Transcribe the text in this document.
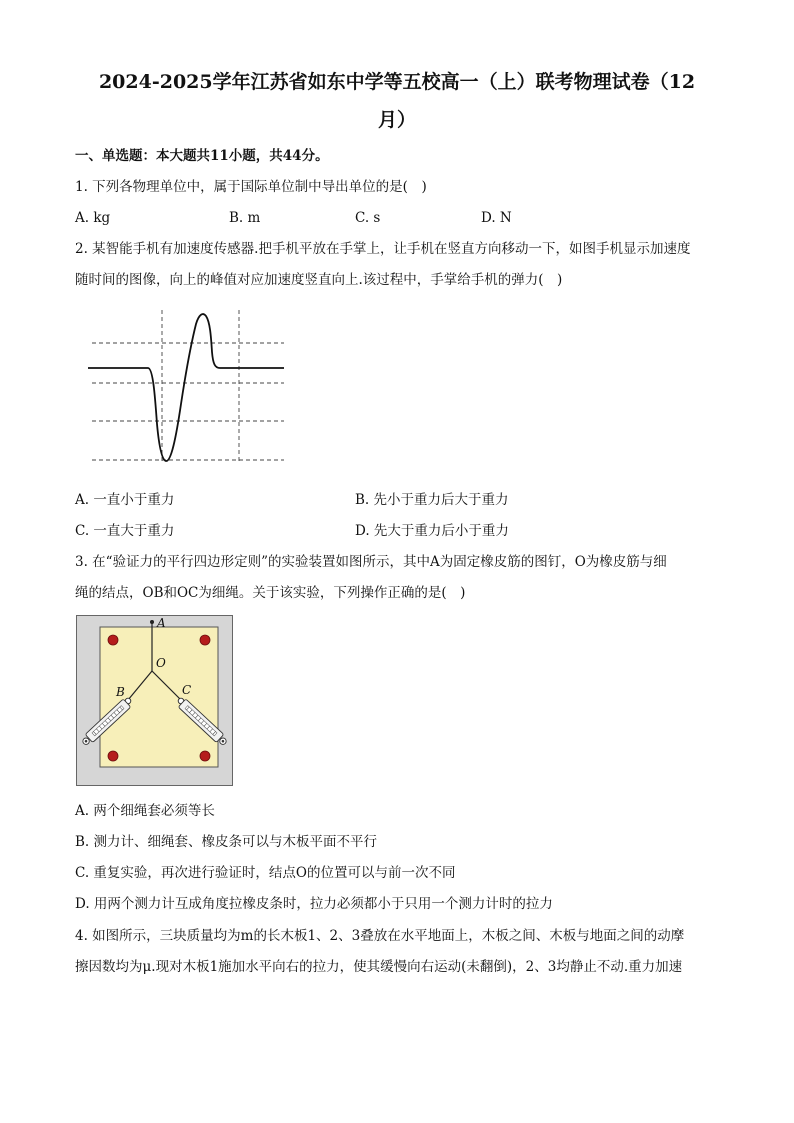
2024-2025学年江苏省如东中学等五校高一（上）联考物理试卷（12
月）
一、单选题：本大题共11小题，共44分。
1. 下列各物理单位中，属于国际单位制中导出单位的是(　)
A. kg	B. m	C. s	D. N
2. 某智能手机有加速度传感器.把手机平放在手掌上，让手机在竖直方向移动一下，如图手机显示加速度
随时间的图像，向上的峰值对应加速度竖直向上.该过程中，手掌给手机的弹力(　)
A. 一直小于重力	B. 先小于重力后大于重力
C. 一直大于重力	D. 先大于重力后小于重力
3. 在“验证力的平行四边形定则”的实验装置如图所示，其中A为固定橡皮筋的图钉，O为橡皮筋与细
绳的结点，OB和OC为细绳。关于该实验，下列操作正确的是(　)
A
O
B	C
A. 两个细绳套必须等长
B. 测力计、细绳套、橡皮条可以与木板平面不平行
C. 重复实验，再次进行验证时，结点O的位置可以与前一次不同
D. 用两个测力计互成角度拉橡皮条时，拉力必须都小于只用一个测力计时的拉力
4. 如图所示，三块质量均为m的长木板1、2、3叠放在水平地面上，木板之间、木板与地面之间的动摩
擦因数均为μ.现对木板1施加水平向右的拉力，使其缓慢向右运动(未翻倒)，2、3均静止不动.重力加速
